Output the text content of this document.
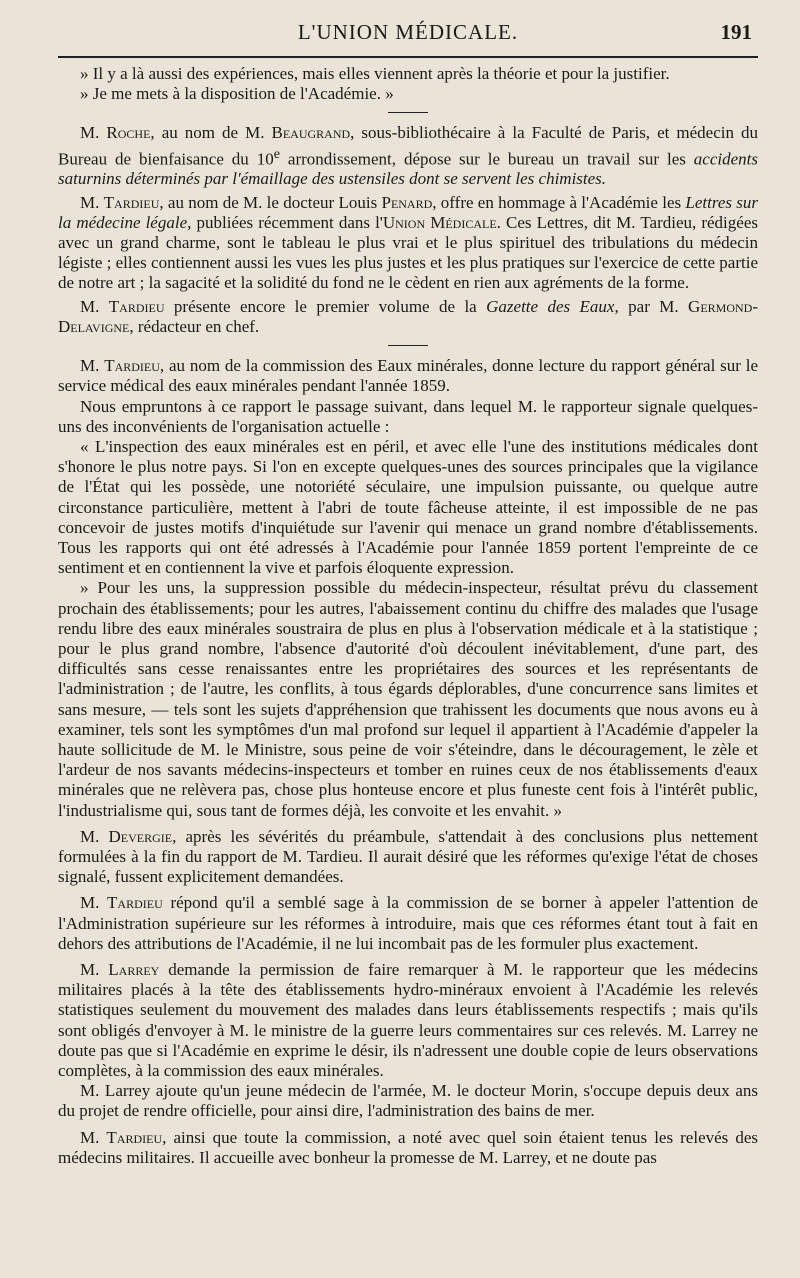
L'UNION MÉDICALE.	191

» Il y a là aussi des expériences, mais elles viennent après la théorie et pour la justifier.

» Je me mets à la disposition de l'Académie. »

M. Roche, au nom de M. Beaugrand, sous-bibliothécaire à la Faculté de Paris, et médecin du Bureau de bienfaisance du 10e arrondissement, dépose sur le bureau un travail sur les accidents saturnins déterminés par l'émaillage des ustensiles dont se servent les chimistes.

M. Tardieu, au nom de M. le docteur Louis Penard, offre en hommage à l'Académie les Lettres sur la médecine légale, publiées récemment dans l'Union Médicale. Ces Lettres, dit M. Tardieu, rédigées avec un grand charme, sont le tableau le plus vrai et le plus spirituel des tribulations du médecin légiste ; elles contiennent aussi les vues les plus justes et les plus pratiques sur l'exercice de cette partie de notre art ; la sagacité et la solidité du fond ne le cèdent en rien aux agréments de la forme.

M. Tardieu présente encore le premier volume de la Gazette des Eaux, par M. Germond-Delavigne, rédacteur en chef.

M. Tardieu, au nom de la commission des Eaux minérales, donne lecture du rapport général sur le service médical des eaux minérales pendant l'année 1859.

Nous empruntons à ce rapport le passage suivant, dans lequel M. le rapporteur signale quelques-uns des inconvénients de l'organisation actuelle :

« L'inspection des eaux minérales est en péril, et avec elle l'une des institutions médicales dont s'honore le plus notre pays. Si l'on en excepte quelques-unes des sources principales que la vigilance de l'État qui les possède, une notoriété séculaire, une impulsion puissante, ou quelque autre circonstance particulière, mettent à l'abri de toute fâcheuse atteinte, il est impossible de ne pas concevoir de justes motifs d'inquiétude sur l'avenir qui menace un grand nombre d'établissements. Tous les rapports qui ont été adressés à l'Académie pour l'année 1859 portent l'empreinte de ce sentiment et en contiennent la vive et parfois éloquente expression.

» Pour les uns, la suppression possible du médecin-inspecteur, résultat prévu du classement prochain des établissements; pour les autres, l'abaissement continu du chiffre des malades que l'usage rendu libre des eaux minérales soustraira de plus en plus à l'observation médicale et à la statistique ; pour le plus grand nombre, l'absence d'autorité d'où découlent inévitablement, d'une part, des difficultés sans cesse renaissantes entre les propriétaires des sources et les représentants de l'administration ; de l'autre, les conflits, à tous égards déplorables, d'une concurrence sans limites et sans mesure, — tels sont les sujets d'appréhension que trahissent les documents que nous avons eu à examiner, tels sont les symptômes d'un mal profond sur lequel il appartient à l'Académie d'appeler la haute sollicitude de M. le Ministre, sous peine de voir s'éteindre, dans le découragement, le zèle et l'ardeur de nos savants médecins-inspecteurs et tomber en ruines ceux de nos établissements d'eaux minérales que ne relèvera pas, chose plus honteuse encore et plus funeste cent fois à l'intérêt public, l'industrialisme qui, sous tant de formes déjà, les convoite et les envahit. »

M. Devergie, après les sévérités du préambule, s'attendait à des conclusions plus nettement formulées à la fin du rapport de M. Tardieu. Il aurait désiré que les réformes qu'exige l'état de choses signalé, fussent explicitement demandées.

M. Tardieu répond qu'il a semblé sage à la commission de se borner à appeler l'attention de l'Administration supérieure sur les réformes à introduire, mais que ces réformes étant tout à fait en dehors des attributions de l'Académie, il ne lui incombait pas de les formuler plus exactement.

M. Larrey demande la permission de faire remarquer à M. le rapporteur que les médecins militaires placés à la tête des établissements hydro-minéraux envoient à l'Académie les relevés statistiques seulement du mouvement des malades dans leurs établissements respectifs ; mais qu'ils sont obligés d'envoyer à M. le ministre de la guerre leurs commentaires sur ces relevés. M. Larrey ne doute pas que si l'Académie en exprime le désir, ils n'adressent une double copie de leurs observations complètes, à la commission des eaux minérales.

M. Larrey ajoute qu'un jeune médecin de l'armée, M. le docteur Morin, s'occupe depuis deux ans du projet de rendre officielle, pour ainsi dire, l'administration des bains de mer.

M. Tardieu, ainsi que toute la commission, a noté avec quel soin étaient tenus les relevés des médecins militaires. Il accueille avec bonheur la promesse de M. Larrey, et ne doute pas
